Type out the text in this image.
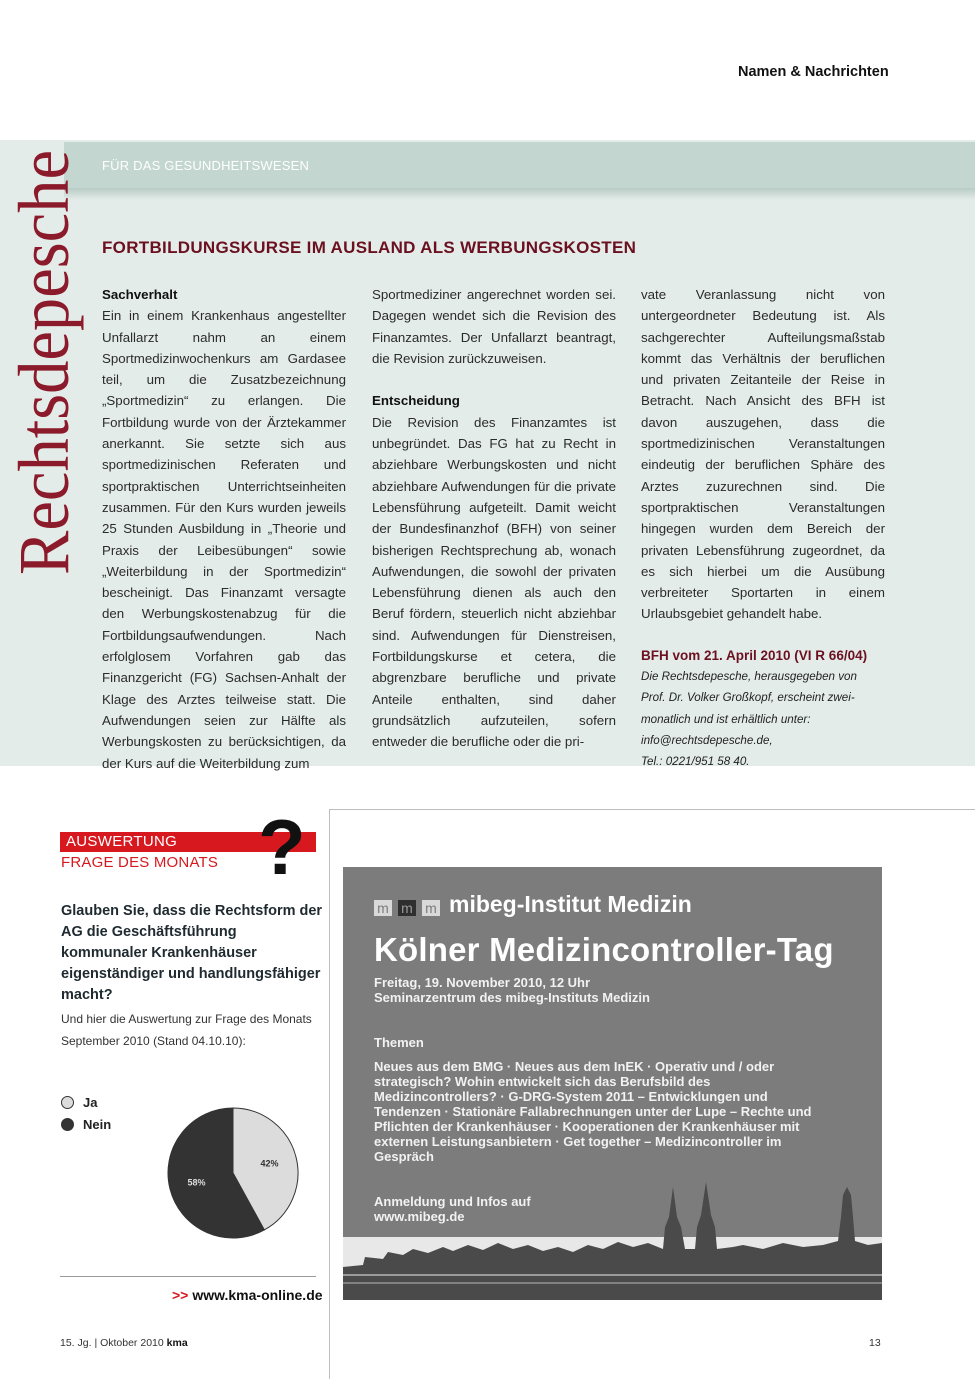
Namen & Nachrichten
Rechtsdepesche FÜR DAS GESUNDHEITSWESEN
FORTBILDUNGSKURSE IM AUSLAND ALS WERBUNGSKOSTEN

Sachverhalt

Ein in einem Krankenhaus angestellter Unfallarzt nahm an einem Sportmedizinwochenkurs am Gardasee teil, um die Zusatzbezeichnung „Sportmedizin“ zu erlangen. Die Fortbildung wurde von der Ärztekammer anerkannt. Sie setzte sich aus sportmedizinischen Referaten und sportpraktischen Unterrichtseinheiten zusammen. Für den Kurs wurden jeweils 25 Stunden Ausbildung in „Theorie und Praxis der Leibesübungen“ sowie „Weiterbildung in der Sportmedizin“ bescheinigt. Das Finanzamt versagte den Werbungskostenabzug für die Fortbildungsaufwendungen. Nach erfolglosem Vorfahren gab das Finanzgericht (FG) Sachsen-Anhalt der Klage des Arztes teilweise statt. Die Aufwendungen seien zur Hälfte als Werbungskosten zu berücksichtigen, da der Kurs auf die Weiterbildung zum

Sportmediziner angerechnet worden sei. Dagegen wendet sich die Revision des Finanzamtes. Der Unfallarzt beantragt, die Revision zurückzuweisen.

Entscheidung

Die Revision des Finanzamtes ist unbegründet. Das FG hat zu Recht in abziehbare Werbungskosten und nicht abziehbare Aufwendungen für die private Lebensführung aufgeteilt. Damit weicht der Bundesfinanzhof (BFH) von seiner bisherigen Rechtsprechung ab, wonach Aufwendungen, die sowohl der privaten Lebensführung dienen als auch den Beruf fördern, steuerlich nicht abziehbar sind. Aufwendungen für Dienstreisen, Fortbildungskurse et cetera, die abgrenzbare berufliche und private Anteile enthalten, sind daher grundsätzlich aufzuteilen, sofern entweder die berufliche oder die pri-

vate Veranlassung nicht von untergeordneter Bedeutung ist. Als sachgerechter Aufteilungsmaßstab kommt das Verhältnis der beruflichen und privaten Zeitanteile der Reise in Betracht. Nach Ansicht des BFH ist davon auszugehen, dass die sportmedizinischen Veranstaltungen eindeutig der beruflichen Sphäre des Arztes zuzurechnen sind. Die sportpraktischen Veranstaltungen hingegen wurden dem Bereich der privaten Lebensführung zugeordnet, da es sich hierbei um die Ausübung verbreiteter Sportarten in einem Urlaubsgebiet gehandelt habe.

BFH vom 21. April 2010 (VI R 66/04)

Die Rechtsdepesche, herausgegeben von

Prof. Dr. Volker Großkopf, erscheint zwei-

monatlich und ist erhältlich unter:

info@rechtsdepesche.de,

Tel.: 0221/951 58 40.

AUSWERTUNG
FRAGE DES MONATS ?
Glauben Sie, dass die Rechtsform der AG die Geschäftsführung kommunaler Krankenhäuser eigenständiger und handlungsfähiger macht?
Und hier die Auswertung zur Frage des Monats September 2010 (Stand 04.10.10):
Ja
Nein
42%
58%
>> www.kma-online.de
m m m mibeg-Institut Medizin
Kölner Medizincontroller-Tag
Freitag, 19. November 2010, 12 Uhr
Seminarzentrum des mibeg-Instituts Medizin
Themen
Neues aus dem BMG · Neues aus dem InEK · Operativ und / oder strategisch? Wohin entwickelt sich das Berufsbild des Medizincontrollers? · G-DRG-System 2011 – Entwicklungen und Tendenzen · Stationäre Fallabrechnungen unter der Lupe – Rechte und Pflichten der Krankenhäuser · Kooperationen der Krankenhäuser mit externen Leistungsanbietern · Get together – Medizincontroller im Gespräch
Anmeldung und Infos auf
www.mibeg.de
15. Jg. | Oktober 2010 kma	13
